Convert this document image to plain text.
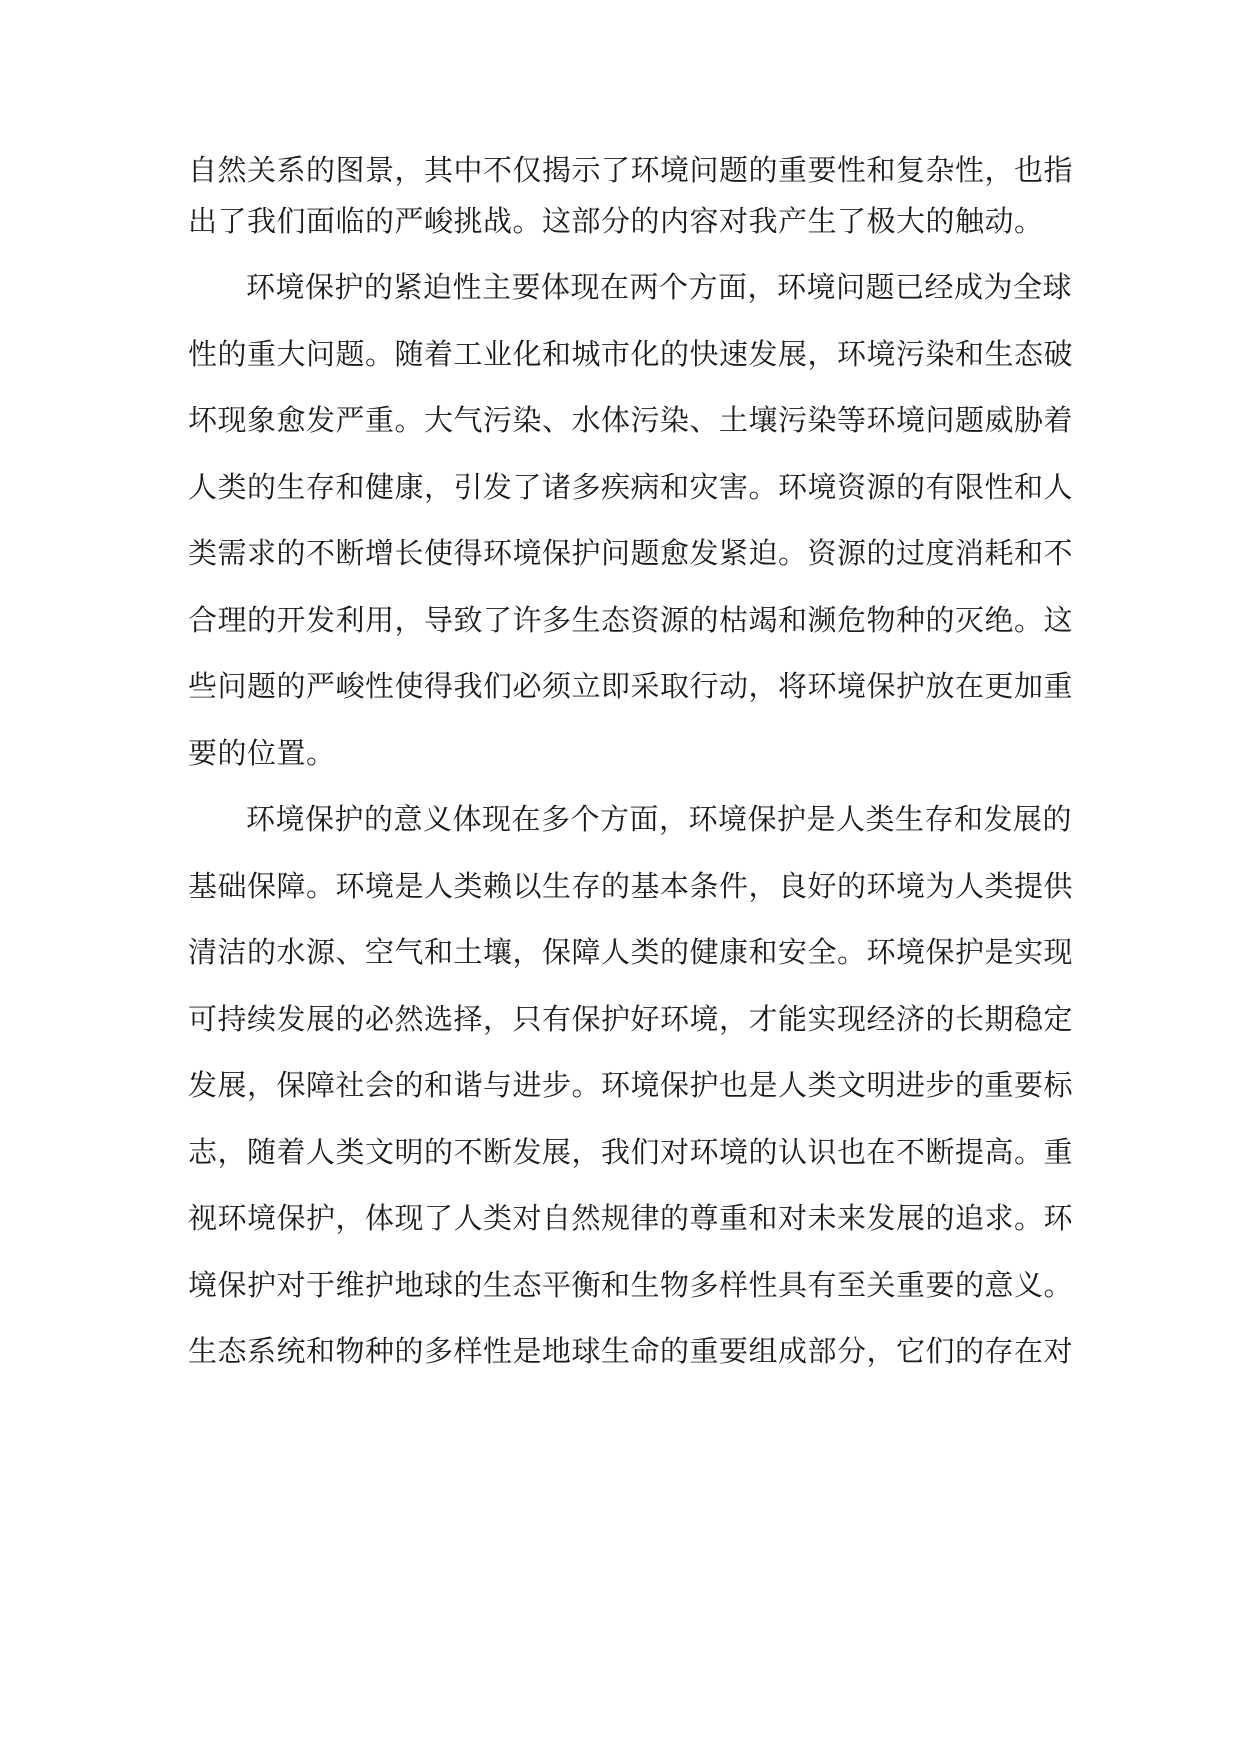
自然关系的图景，其中不仅揭示了环境问题的重要性和复杂性，也指
出了我们面临的严峻挑战。这部分的内容对我产生了极大的触动。
环境保护的紧迫性主要体现在两个方面，环境问题已经成为全球
性的重大问题。随着工业化和城市化的快速发展，环境污染和生态破
坏现象愈发严重。大气污染、水体污染、土壤污染等环境问题威胁着
人类的生存和健康，引发了诸多疾病和灾害。环境资源的有限性和人
类需求的不断增长使得环境保护问题愈发紧迫。资源的过度消耗和不
合理的开发利用，导致了许多生态资源的枯竭和濒危物种的灭绝。这
些问题的严峻性使得我们必须立即采取行动，将环境保护放在更加重
要的位置。
环境保护的意义体现在多个方面，环境保护是人类生存和发展的
基础保障。环境是人类赖以生存的基本条件，良好的环境为人类提供
清洁的水源、空气和土壤，保障人类的健康和安全。环境保护是实现
可持续发展的必然选择，只有保护好环境，才能实现经济的长期稳定
发展，保障社会的和谐与进步。环境保护也是人类文明进步的重要标
志，随着人类文明的不断发展，我们对环境的认识也在不断提高。重
视环境保护，体现了人类对自然规律的尊重和对未来发展的追求。环
境保护对于维护地球的生态平衡和生物多样性具有至关重要的意义。
生态系统和物种的多样性是地球生命的重要组成部分，它们的存在对
